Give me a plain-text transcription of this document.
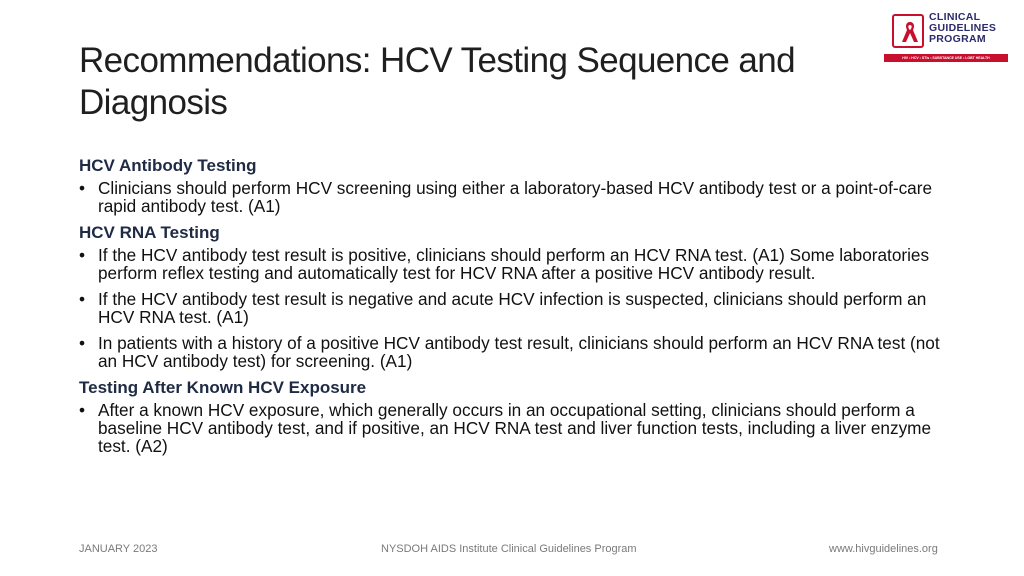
Recommendations: HCV Testing Sequence and Diagnosis
CLINICAL
GUIDELINES
PROGRAM
HIV • HCV • STIs • SUBSTANCE USE • LGBT HEALTH
HCV Antibody Testing
• Clinicians should perform HCV screening using either a laboratory-based HCV antibody test or a point-of-care rapid antibody test. (A1)
HCV RNA Testing
• If the HCV antibody test result is positive, clinicians should perform an HCV RNA test. (A1) Some laboratories perform reflex testing and automatically test for HCV RNA after a positive HCV antibody result.
• If the HCV antibody test result is negative and acute HCV infection is suspected, clinicians should perform an HCV RNA test. (A1)
• In patients with a history of a positive HCV antibody test result, clinicians should perform an HCV RNA test (not an HCV antibody test) for screening. (A1)
Testing After Known HCV Exposure
• After a known HCV exposure, which generally occurs in an occupational setting, clinicians should perform a baseline HCV antibody test, and if positive, an HCV RNA test and liver function tests, including a liver enzyme test. (A2)
JANUARY 2023	NYSDOH AIDS Institute Clinical Guidelines Program	www.hivguidelines.org
